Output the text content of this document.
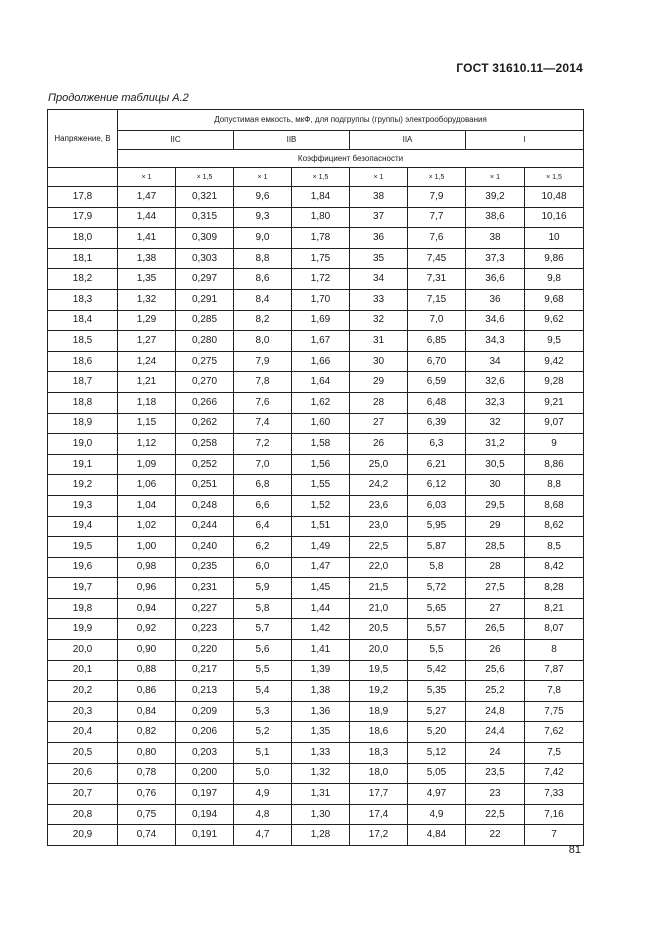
ГОСТ 31610.11—2014
Продолжение таблицы А.2
Напряжение, В	Допустимая емкость, мкФ, для подгруппы (группы) электрооборудования							
	IIC		IIB		IIA		I	
	Коэффициент безопасности							
	× 1	× 1,5	× 1	× 1,5	× 1	× 1,5	× 1	× 1,5
17,8	1,47	0,321	9,6	1,84	38	7,9	39,2	10,48
17,9	1,44	0,315	9,3	1,80	37	7,7	38,6	10,16
18,0	1,41	0,309	9,0	1,78	36	7,6	38	10
18,1	1,38	0,303	8,8	1,75	35	7,45	37,3	9,86
18,2	1,35	0,297	8,6	1,72	34	7,31	36,6	9,8
18,3	1,32	0,291	8,4	1,70	33	7,15	36	9,68
18,4	1,29	0,285	8,2	1,69	32	7,0	34,6	9,62
18,5	1,27	0,280	8,0	1,67	31	6,85	34,3	9,5
18,6	1,24	0,275	7,9	1,66	30	6,70	34	9,42
18,7	1,21	0,270	7,8	1,64	29	6,59	32,6	9,28
18,8	1,18	0,266	7,6	1,62	28	6,48	32,3	9,21
18,9	1,15	0,262	7,4	1,60	27	6,39	32	9,07
19,0	1,12	0,258	7,2	1,58	26	6,3	31,2	9
19,1	1,09	0,252	7,0	1,56	25,0	6,21	30,5	8,86
19,2	1,06	0,251	6,8	1,55	24,2	6,12	30	8,8
19,3	1,04	0,248	6,6	1,52	23,6	6,03	29,5	8,68
19,4	1,02	0,244	6,4	1,51	23,0	5,95	29	8,62
19,5	1,00	0,240	6,2	1,49	22,5	5,87	28,5	8,5
19,6	0,98	0,235	6,0	1,47	22,0	5,8	28	8,42
19,7	0,96	0,231	5,9	1,45	21,5	5,72	27,5	8,28
19,8	0,94	0,227	5,8	1,44	21,0	5,65	27	8,21
19,9	0,92	0,223	5,7	1,42	20,5	5,57	26,5	8,07
20,0	0,90	0,220	5,6	1,41	20,0	5,5	26	8
20,1	0,88	0,217	5,5	1,39	19,5	5,42	25,6	7,87
20,2	0,86	0,213	5,4	1,38	19,2	5,35	25,2	7,8
20,3	0,84	0,209	5,3	1,36	18,9	5,27	24,8	7,75
20,4	0,82	0,206	5,2	1,35	18,6	5,20	24,4	7,62
20,5	0,80	0,203	5,1	1,33	18,3	5,12	24	7,5
20,6	0,78	0,200	5,0	1,32	18,0	5,05	23,5	7,42
20,7	0,76	0,197	4,9	1,31	17,7	4,97	23	7,33
20,8	0,75	0,194	4,8	1,30	17,4	4,9	22,5	7,16
20,9	0,74	0,191	4,7	1,28	17,2	4,84	22	7
81
